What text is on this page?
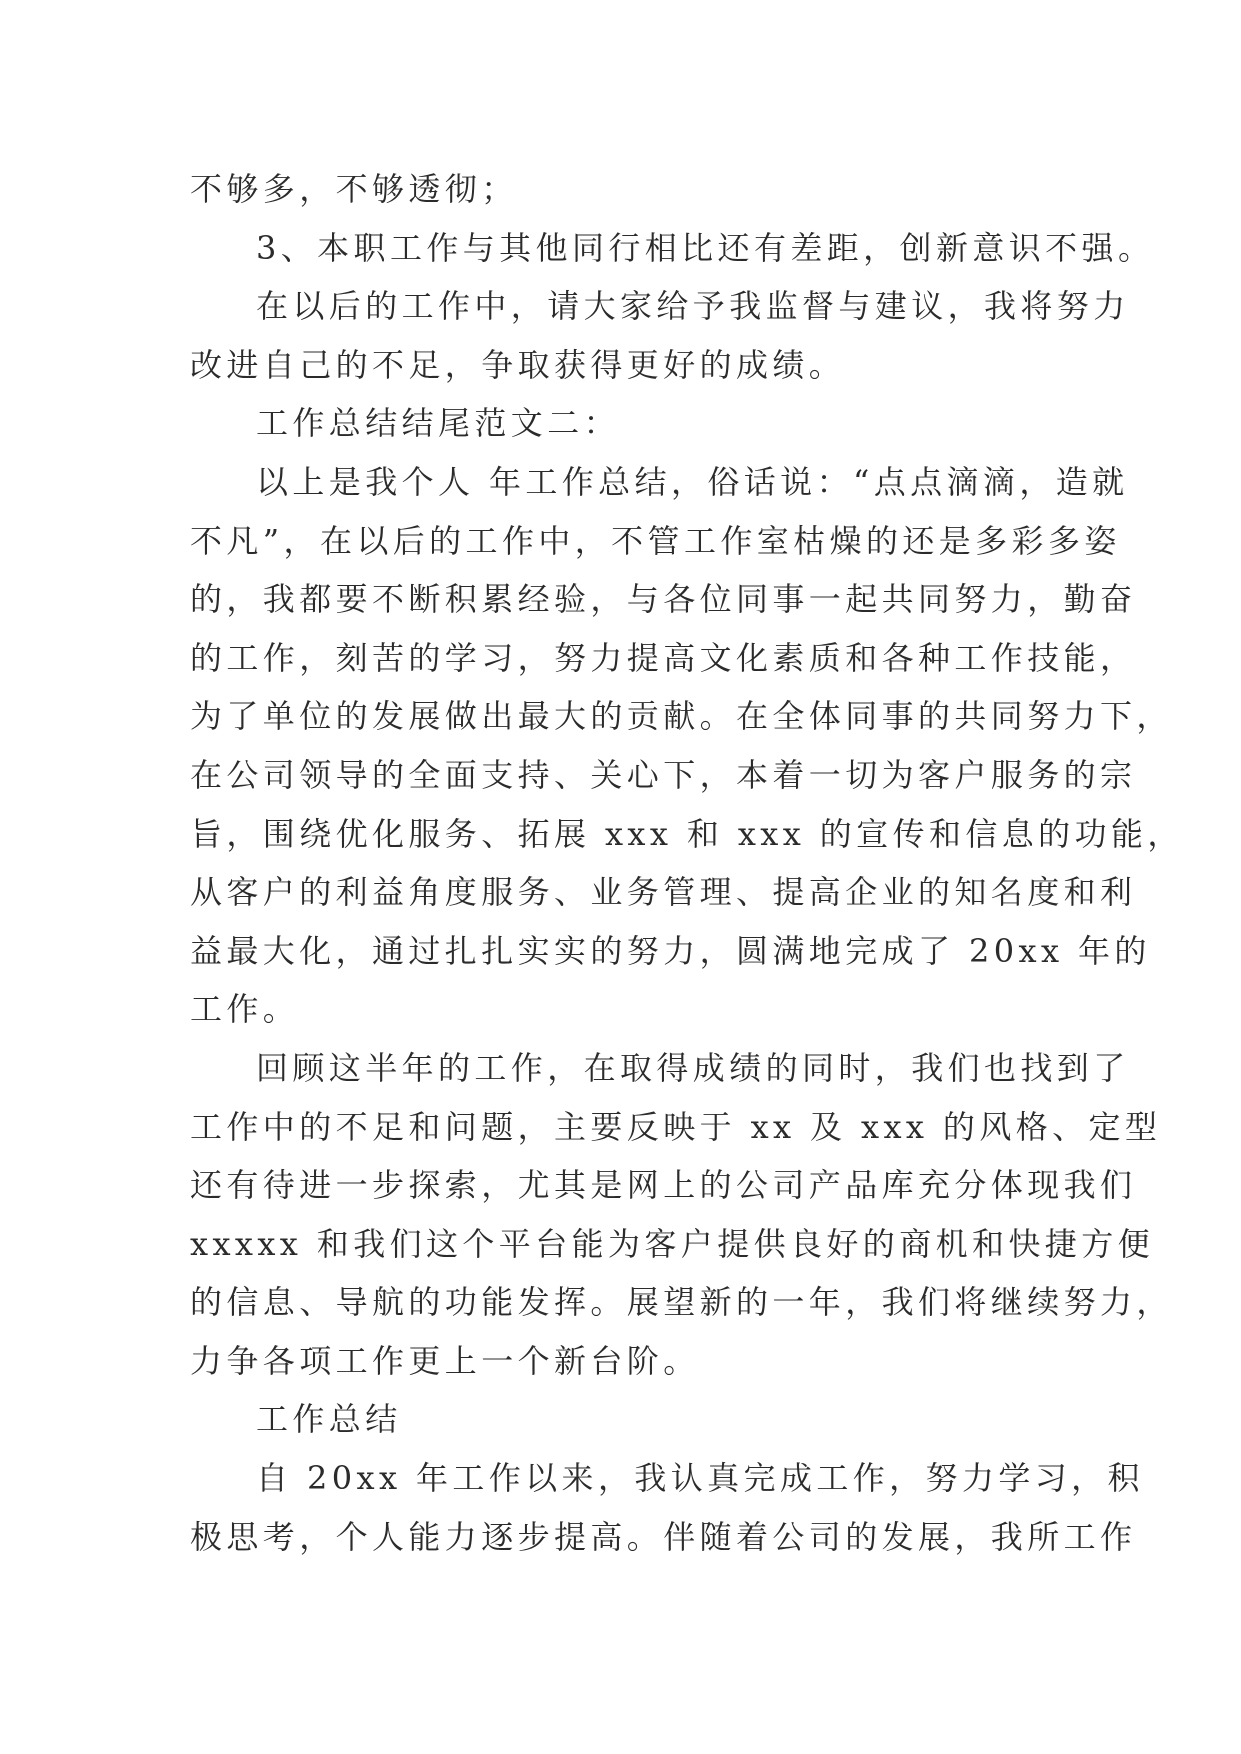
不够多，不够透彻；
3、本职工作与其他同行相比还有差距，创新意识不强。
在以后的工作中，请大家给予我监督与建议，我将努力
改进自己的不足，争取获得更好的成绩。
工作总结结尾范文二：
以上是我个人 年工作总结，俗话说：“点点滴滴，造就
不凡”，在以后的工作中，不管工作室枯燥的还是多彩多姿
的，我都要不断积累经验，与各位同事一起共同努力，勤奋
的工作，刻苦的学习，努力提高文化素质和各种工作技能，
为了单位的发展做出最大的贡献。在全体同事的共同努力下，
在公司领导的全面支持、关心下，本着一切为客户服务的宗
旨，围绕优化服务、拓展 xxx 和 xxx 的宣传和信息的功能，
从客户的利益角度服务、业务管理、提高企业的知名度和利
益最大化，通过扎扎实实的努力，圆满地完成了 20xx 年的
工作。
回顾这半年的工作，在取得成绩的同时，我们也找到了
工作中的不足和问题，主要反映于 xx 及 xxx 的风格、定型
还有待进一步探索，尤其是网上的公司产品库充分体现我们
xxxxx 和我们这个平台能为客户提供良好的商机和快捷方便
的信息、导航的功能发挥。展望新的一年，我们将继续努力，
力争各项工作更上一个新台阶。
工作总结
自 20xx 年工作以来，我认真完成工作，努力学习，积
极思考，个人能力逐步提高。伴随着公司的发展，我所工作
